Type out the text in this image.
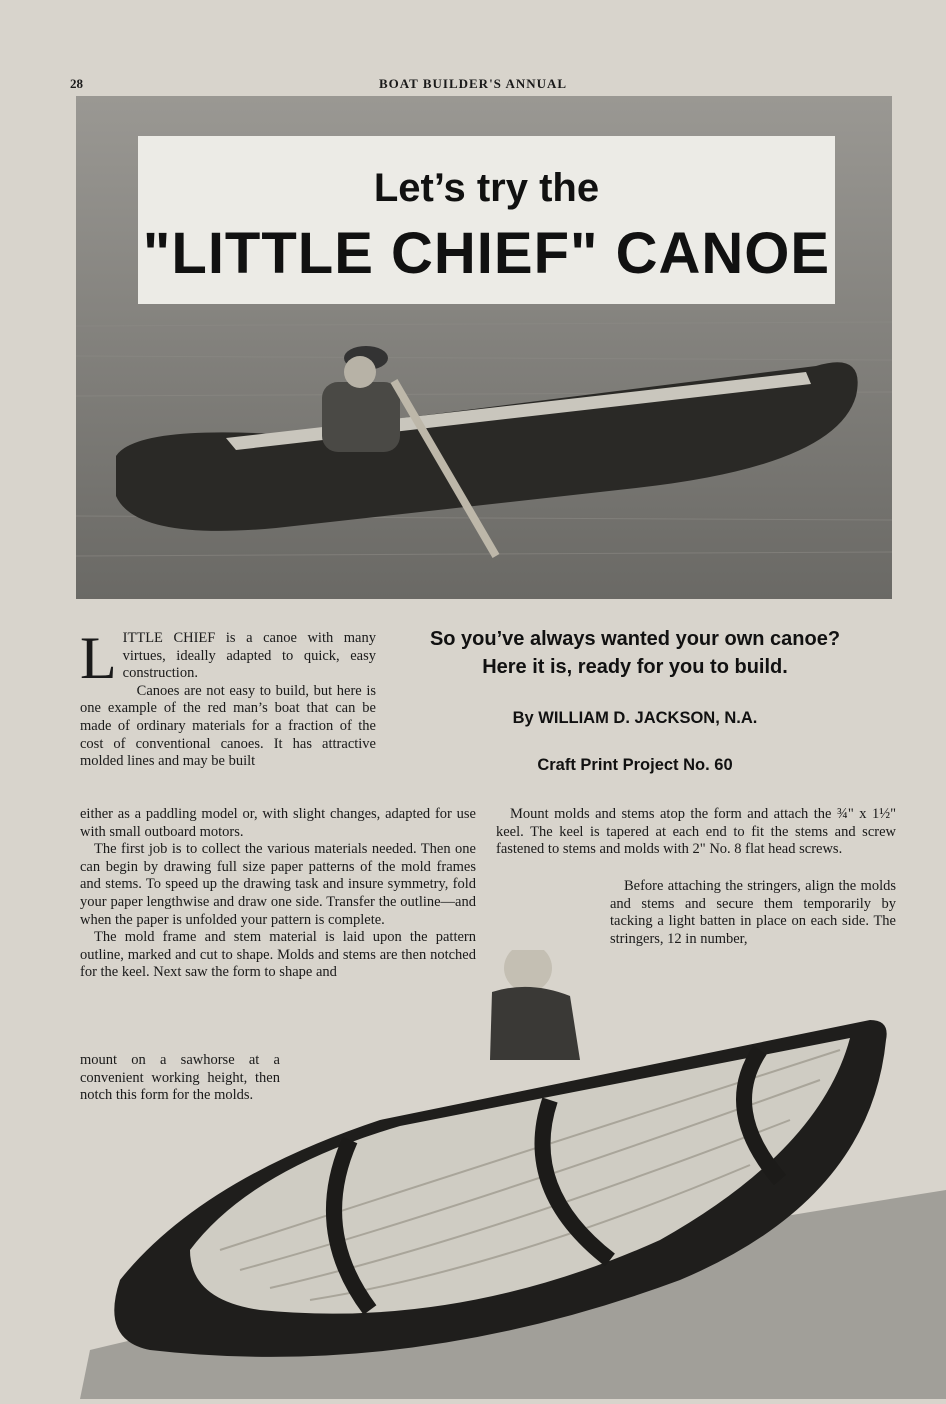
28	BOAT BUILDER'S ANNUAL
Let’s try the
"LITTLE CHIEF" CANOE
L ITTLE CHIEF is a canoe with many virtues, ideally adapted to quick, easy construction.

Canoes are not easy to build, but here is one example of the red man’s boat that can be made of ordinary materials for a fraction of the cost of conventional canoes. It has attractive molded lines and may be built

So you’ve always wanted your own canoe?
Here it is, ready for you to build.
By WILLIAM D. JACKSON, N.A.
Craft Print Project No. 60

either as a paddling model or, with slight changes, adapted for use with small outboard motors.

The first job is to collect the various materials needed. Then one can begin by drawing full size paper patterns of the mold frames and stems. To speed up the drawing task and insure symmetry, fold your paper lengthwise and draw one side. Transfer the outline—and when the paper is unfolded your pattern is complete.

The mold frame and stem material is laid upon the pattern outline, marked and cut to shape. Molds and stems are then notched for the keel. Next saw the form to shape and

mount on a sawhorse at a convenient working height, then notch this form for the molds.

Mount molds and stems atop the form and attach the ¾" x 1½" keel. The keel is tapered at each end to fit the stems and screw fastened to stems and molds with 2" No. 8 flat head screws.

Before attaching the stringers, align the molds and stems and secure them temporarily by tacking a light batten in place on each side. The stringers, 12 in number,
